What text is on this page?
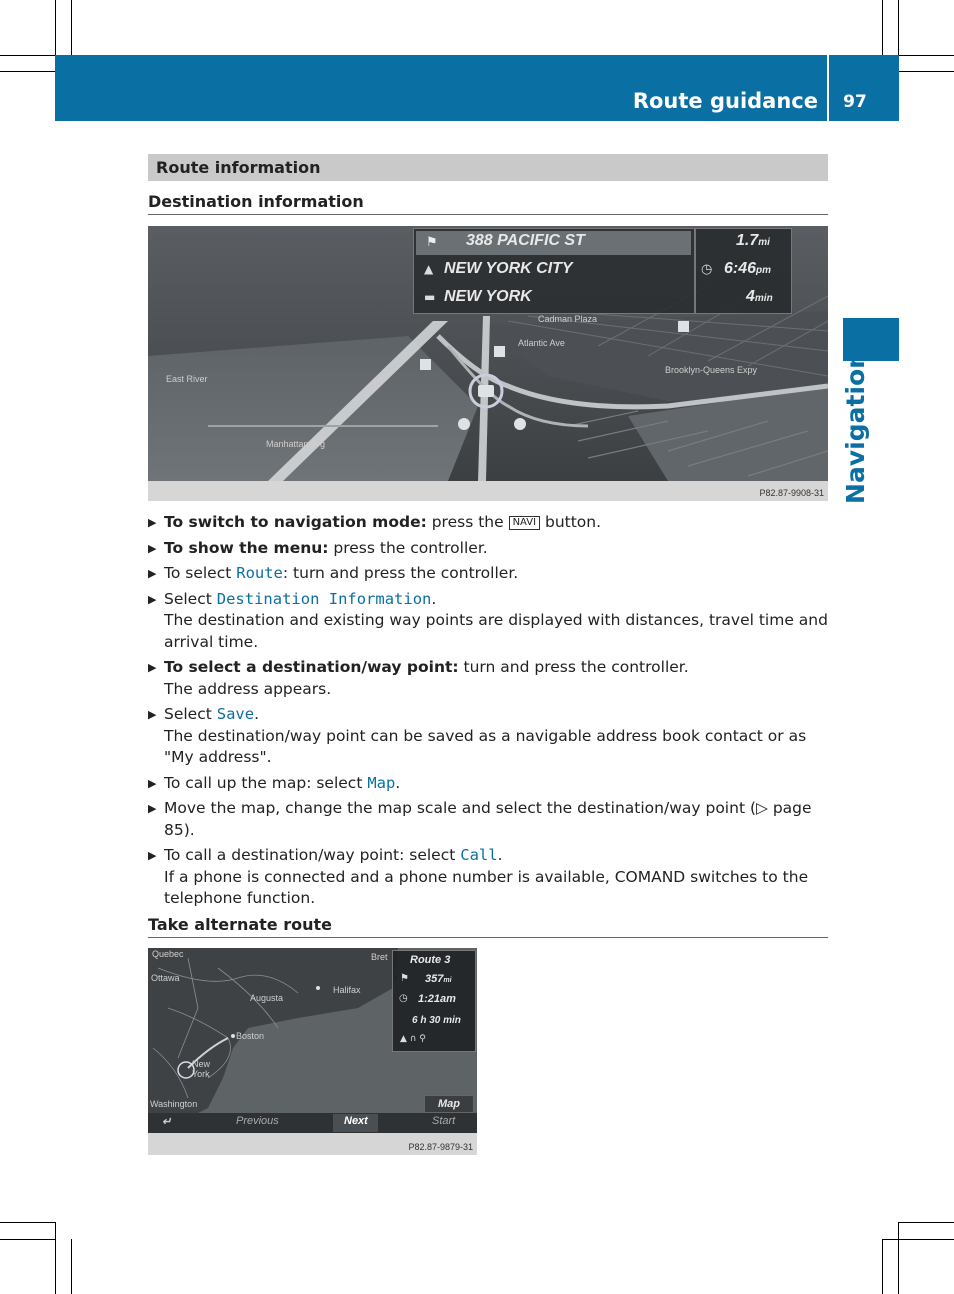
Route guidance	97
Navigation
Route information
Destination information
East River
Manhattan Brg
Brooklyn-Queens Expy
Cadman Plaza
Atlantic Ave
⚑
▲
▬
388 PACIFIC ST
NEW YORK CITY
NEW YORK
1.7mi
◷ 6:46pm
4min
P82.87-9908-31
▶ To switch to navigation mode: press the NAVI button.
▶ To show the menu: press the controller.
▶ To select Route: turn and press the controller.
▶ Select Destination Information.
The destination and existing way points are displayed with distances, travel time and arrival time.
▶ To select a destination/way point: turn and press the controller.
The address appears.
▶ Select Save.
The destination/way point can be saved as a navigable address book contact or as "My address".
▶ To call up the map: select Map.
▶ Move the map, change the map scale and select the destination/way point (▷ page 85).
▶ To call a destination/way point: select Call.
If a phone is connected and a phone number is available, COMAND switches to the telephone function.
Take alternate route
Quebec
Ottawa
Augusta
Halifax
Boston
New York
Washington
Bret Route 3
⚑ 357mi
◷ 1:21am
6 h 30 min
▲ ∩ ⚲
Map
↵	Previous	Next	Start
P82.87-9879-31
